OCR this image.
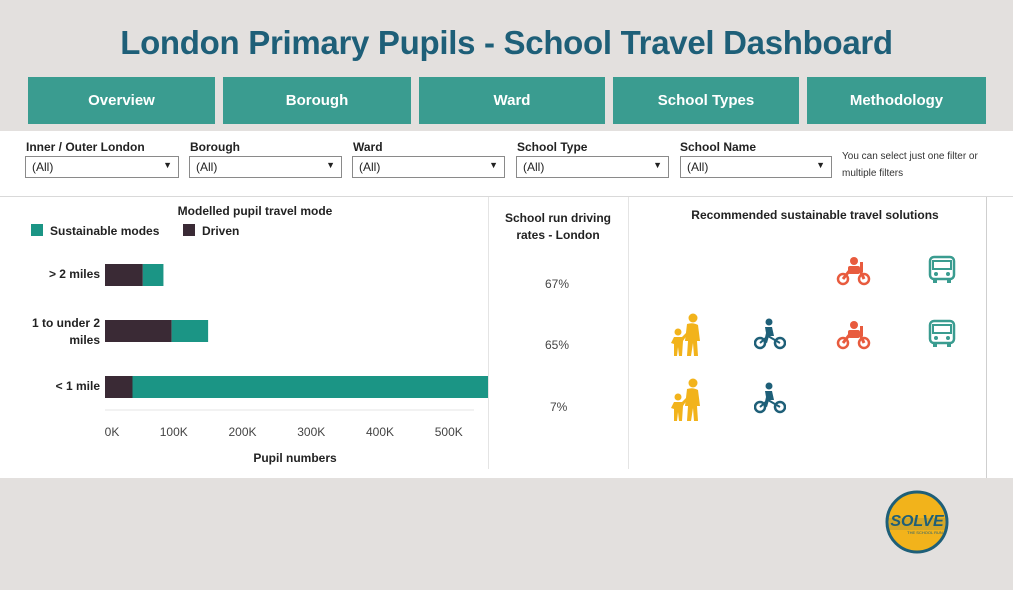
London Primary Pupils - School Travel Dashboard
Overview	Borough	Ward	School Types	Methodology
Inner / Outer London
(All)	▼
Borough
(All)	▼
Ward
(All)	▼
School Type
(All)	▼
School Name
(All)	▼
You can select just one filter or multiple filters
Modelled pupil travel mode
Sustainable modes	Driven
> 2 miles
1 to under 2 miles
< 1 mile
0K	100K	200K	300K	400K	500K
Pupil numbers
School run driving rates - London
67%
65%
7%
Recommended sustainable travel solutions
SOLVE
THE SCHOOL RUN
